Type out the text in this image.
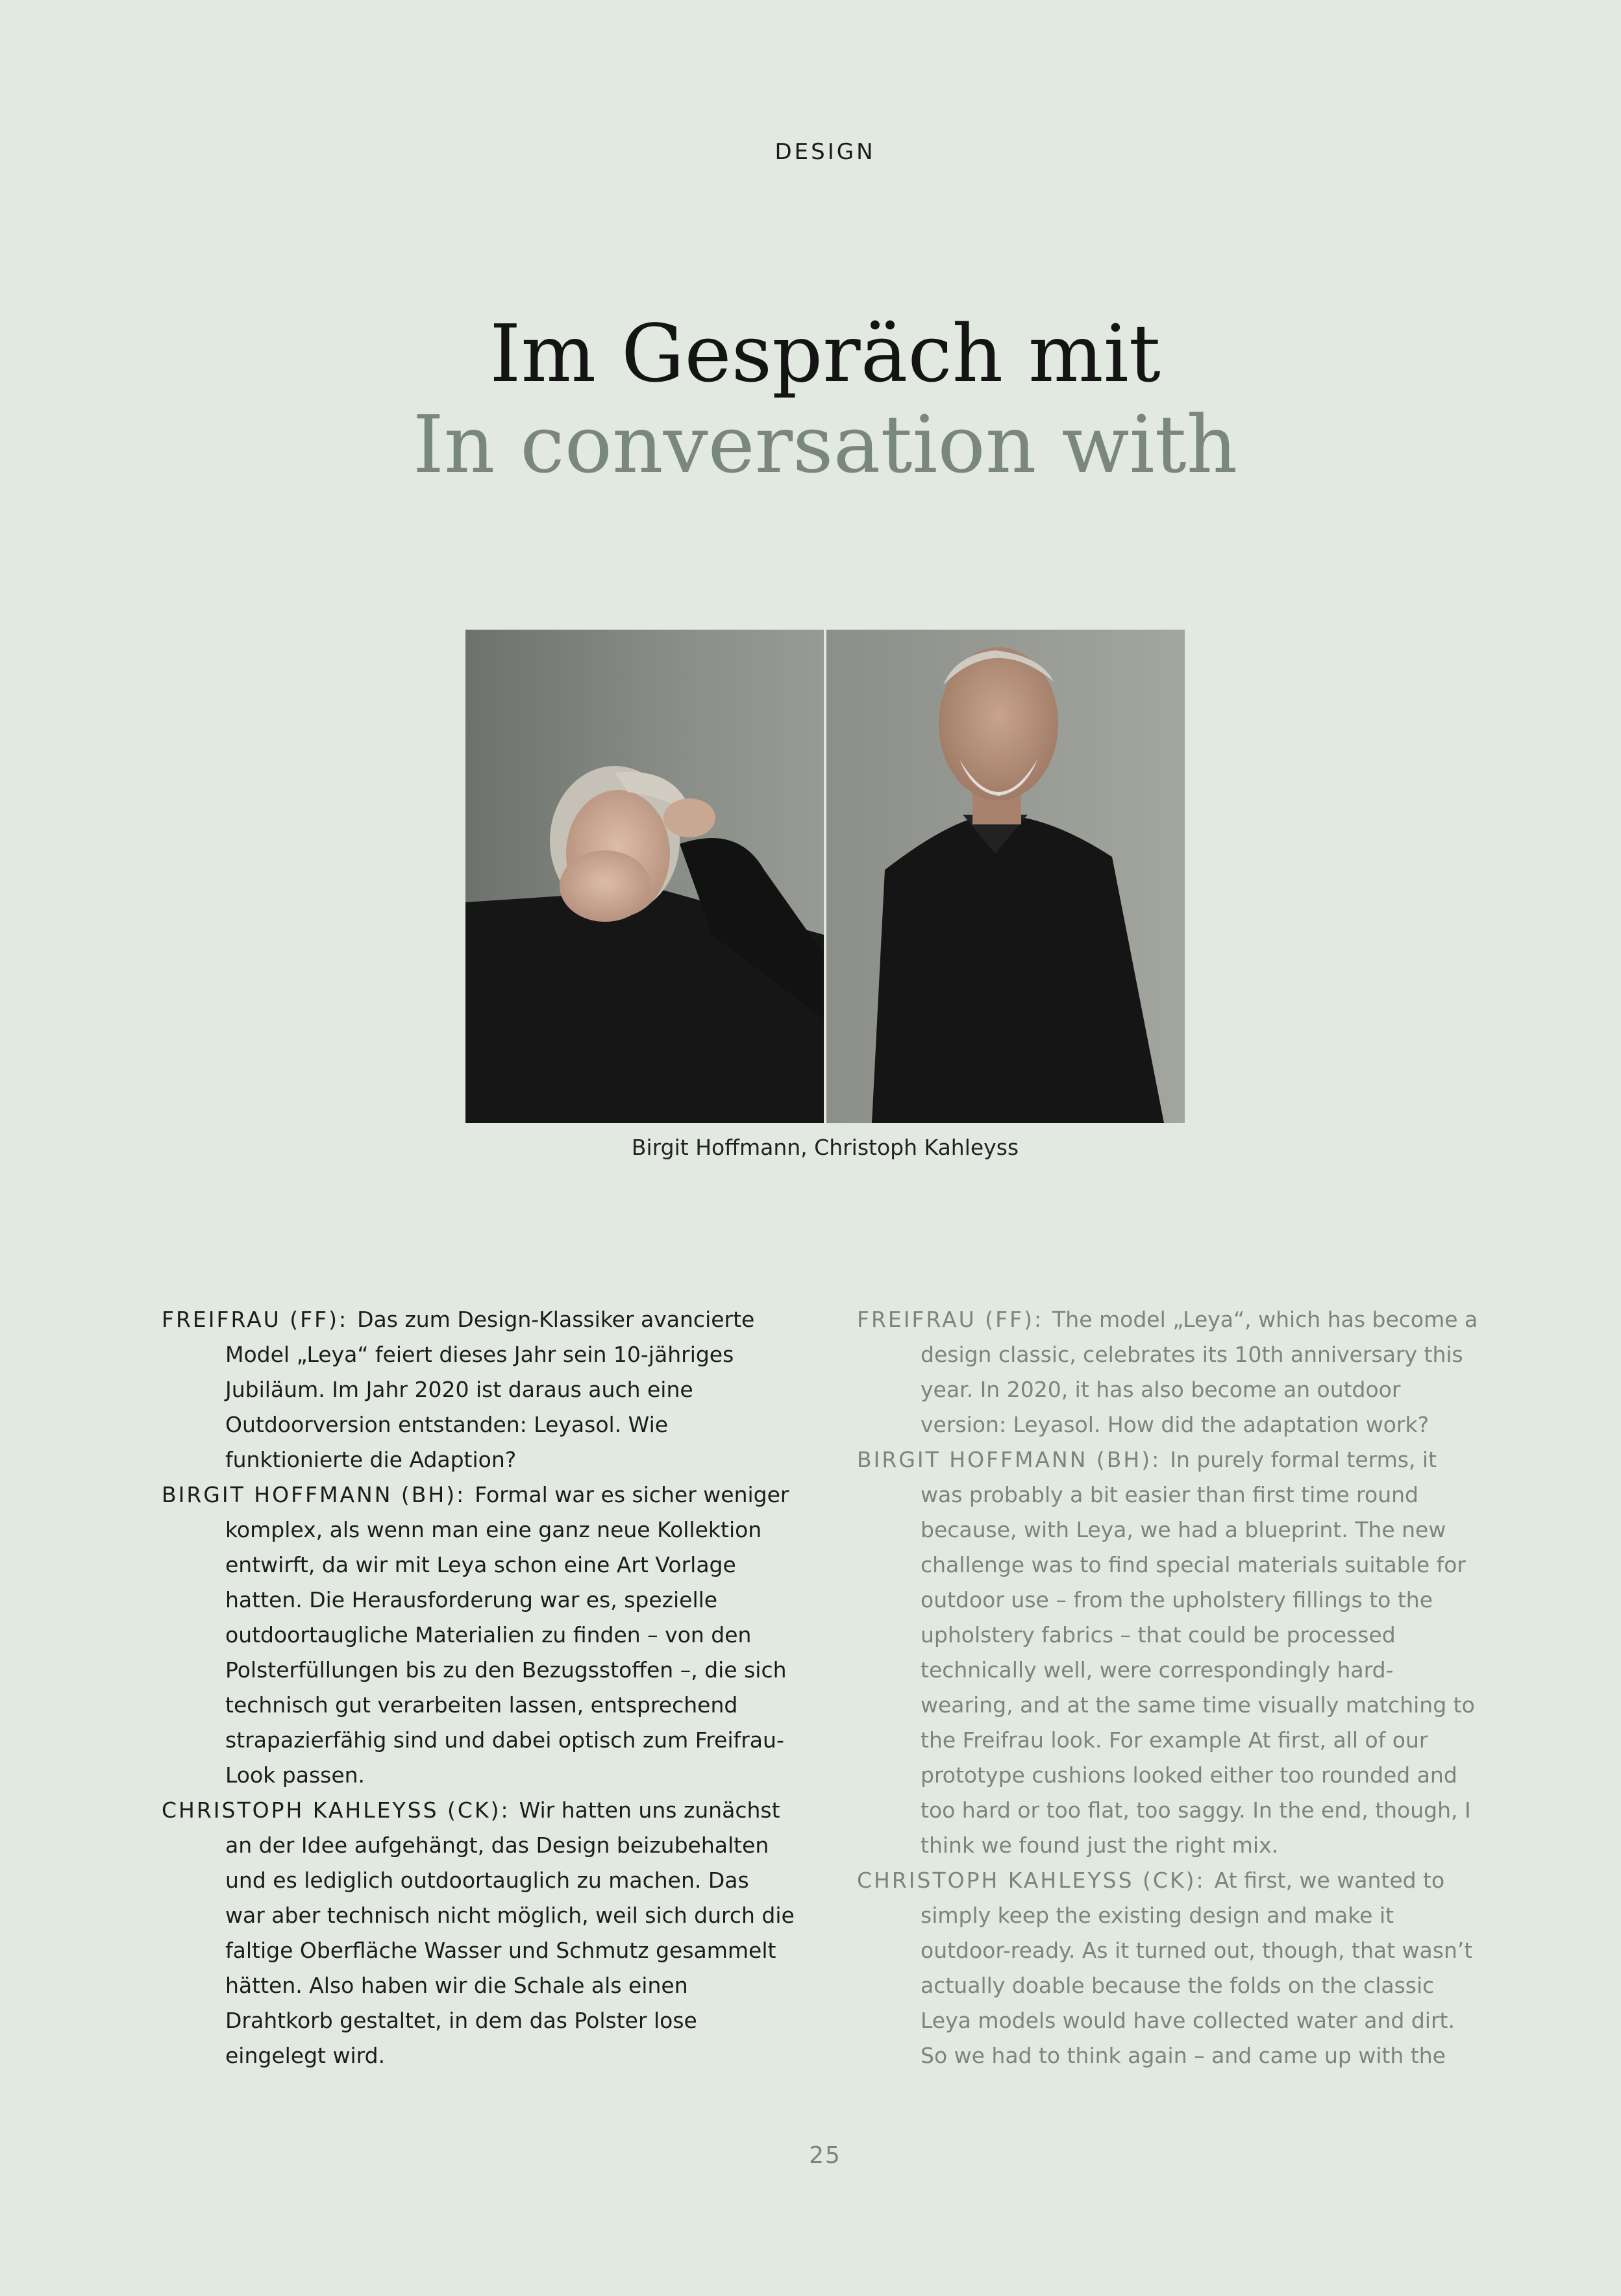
DESIGN
Im Gespräch mit
In conversation with
Birgit Hoffmann, Christoph Kahleyss

FREIFRAU (FF): Das zum Design-Klassiker avancierte Model „Leya“ feiert dieses Jahr sein 10-jähriges Jubiläum. Im Jahr 2020 ist daraus auch eine Outdoorversion entstanden: Leyasol. Wie funktionierte die Adaption?

BIRGIT HOFFMANN (BH): Formal war es sicher weniger komplex, als wenn man eine ganz neue Kollektion entwirft, da wir mit Leya schon eine Art Vorlage hatten. Die Herausforderung war es, spezielle outdoortaugliche Materialien zu finden – von den Polsterfüllungen bis zu den Bezugsstoffen –, die sich technisch gut verarbeiten lassen, entsprechend strapazierfähig sind und dabei optisch zum Freifrau-Look passen.

CHRISTOPH KAHLEYSS (CK): Wir hatten uns zunächst an der Idee aufgehängt, das Design beizubehalten und es lediglich outdoortauglich zu machen. Das war aber technisch nicht möglich, weil sich durch die faltige Oberfläche Wasser und Schmutz gesammelt hätten. Also haben wir die Schale als einen Drahtkorb gestaltet, in dem das Polster lose eingelegt wird.

FREIFRAU (FF): The model „Leya“, which has become a design classic, celebrates its 10th anniversary this year. In 2020, it has also become an outdoor version: Leyasol. How did the adaptation work?

BIRGIT HOFFMANN (BH): In purely formal terms, it was probably a bit easier than first time round because, with Leya, we had a blueprint. The new challenge was to find special materials suitable for outdoor use – from the upholstery fillings to the upholstery fabrics – that could be processed technically well, were correspondingly hard-wearing, and at the same time visually matching to the Freifrau look. For example At first, all of our prototype cushions looked either too rounded and too hard or too flat, too saggy. In the end, though, I think we found just the right mix.

CHRISTOPH KAHLEYSS (CK): At first, we wanted to simply keep the existing design and make it outdoor-ready. As it turned out, though, that wasn’t actually doable because the folds on the classic Leya models would have collected water and dirt. So we had to think again – and came up with the

25
